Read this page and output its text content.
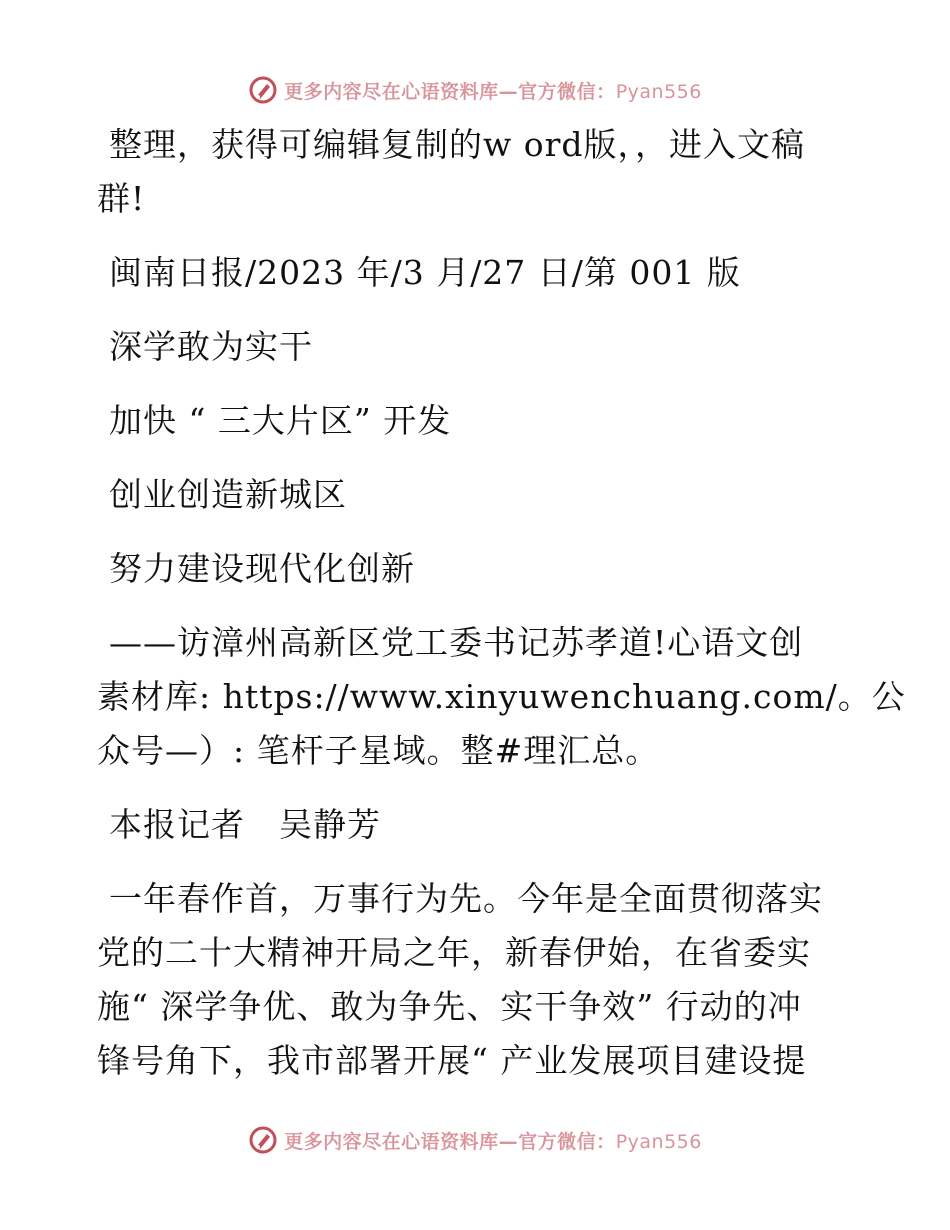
更多内容尽在心语资料库—官方微信：Pyan556
整理，获得可编辑复制的w ord版，，进入文稿
群!
闽南日报/2023 年/3 月/27 日/第 001 版
深学敢为实干
加快 “ 三大片区” 开发
创业创造新城区
努力建设现代化创新
——访漳州高新区党工委书记苏孝道!心语文创
素材库: https://www.xinyuwenchuang.com/。公
众号—）: 笔杆子星域。整#理汇总。
本报记者　吴静芳
一年春作首，万事行为先。今年是全面贯彻落实
党的二十大精神开局之年，新春伊始，在省委实
施“ 深学争优、敢为争先、实干争效” 行动的冲
锋号角下，我市部署开展“ 产业发展项目建设提
更多内容尽在心语资料库—官方微信：Pyan556
